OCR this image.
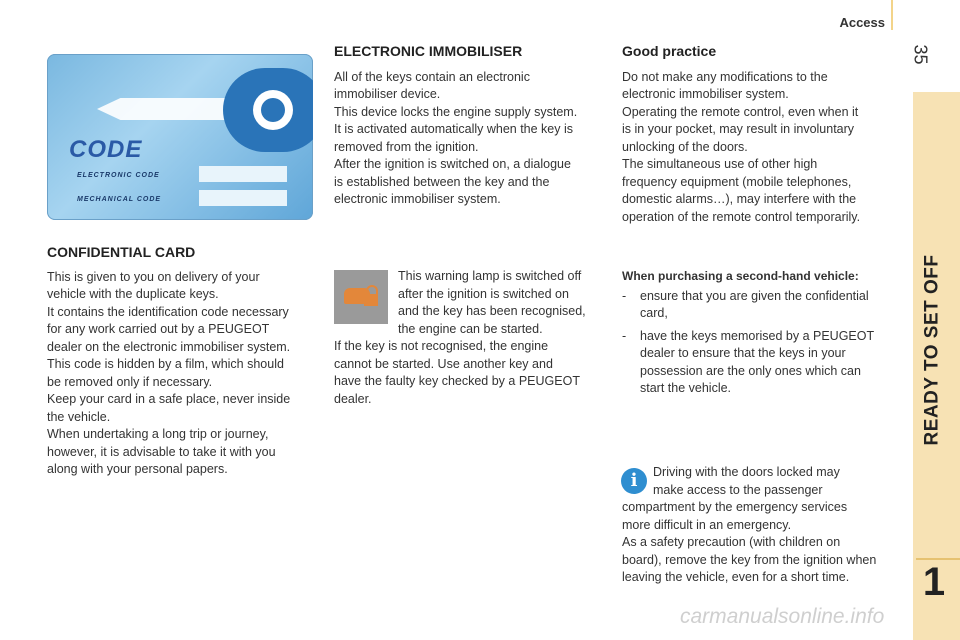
Access
35
READY TO SET OFF
1
CODE
ELECTRONIC CODE
MECHANICAL CODE
CONFIDENTIAL CARD
This is given to you on delivery of your
vehicle with the duplicate keys.
It contains the identification code necessary
for any work carried out by a PEUGEOT
dealer on the electronic immobiliser system.
This code is hidden by a film, which should
be removed only if necessary.
Keep your card in a safe place, never inside
the vehicle.
When undertaking a long trip or journey,
however, it is advisable to take it with you
along with your personal papers.
ELECTRONIC IMMOBILISER
All of the keys contain an electronic
immobiliser device.
This device locks the engine supply system.
It is activated automatically when the key is
removed from the ignition.
After the ignition is switched on, a dialogue
is established between the key and the
electronic immobiliser system.
This warning lamp is switched off
after the ignition is switched on
and the key has been recognised,
the engine can be started.
If the key is not recognised, the engine
cannot be started. Use another key and
have the faulty key checked by a PEUGEOT
dealer.
Good practice
Do not make any modifications to the
electronic immobiliser system.
Operating the remote control, even when it
is in your pocket, may result in involuntary
unlocking of the doors.
The simultaneous use of other high
frequency equipment (mobile telephones,
domestic alarms…), may interfere with the
operation of the remote control temporarily.
When purchasing a second-hand vehicle:
- ensure that you are given the confidential
card,
- have the keys memorised by a PEUGEOT
dealer to ensure that the keys in your
possession are the only ones which can
start the vehicle.
i	Driving with the doors locked may
make access to the passenger
compartment by the emergency services
more difficult in an emergency.
As a safety precaution (with children on
board), remove the key from the ignition when
leaving the vehicle, even for a short time.
carmanualsonline.info
